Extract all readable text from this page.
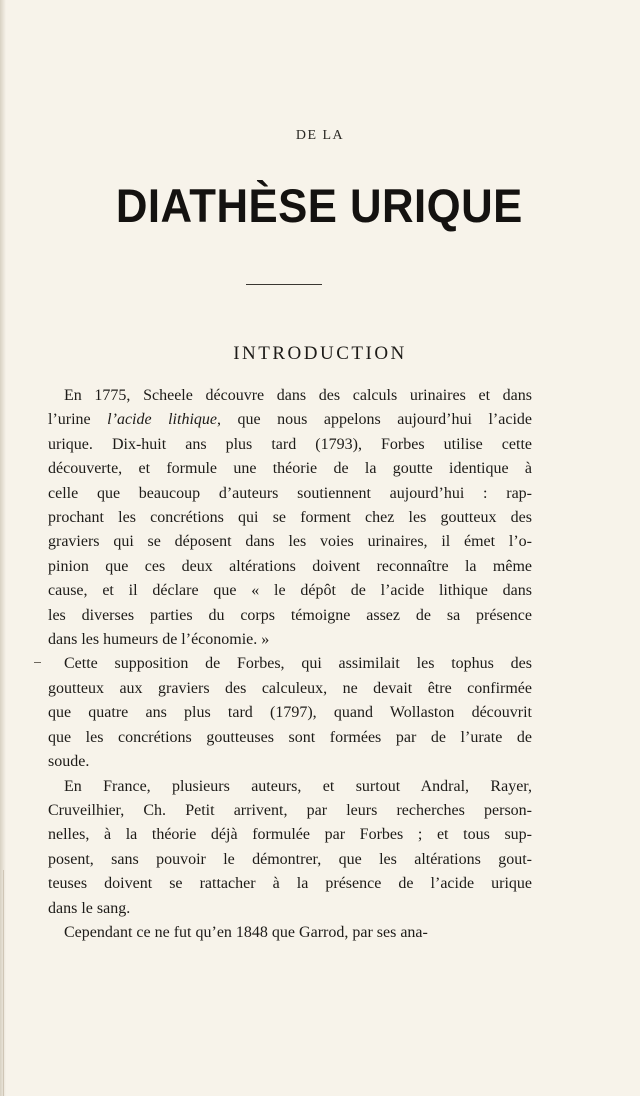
DE LA
DIATHÈSE URIQUE
INTRODUCTION
En 1775, Scheele découvre dans des calculs urinaires et dans
l’urine l’acide lithique, que nous appelons aujourd’hui l’acide
urique. Dix-huit ans plus tard (1793), Forbes utilise cette
découverte, et formule une théorie de la goutte identique à
celle que beaucoup d’auteurs soutiennent aujourd’hui : rap-
prochant les concrétions qui se forment chez les goutteux des
graviers qui se déposent dans les voies urinaires, il émet l’o-
pinion que ces deux altérations doivent reconnaître la même
cause, et il déclare que « le dépôt de l’acide lithique dans
les diverses parties du corps témoigne assez de sa présence
dans les humeurs de l’économie. »
Cette supposition de Forbes, qui assimilait les tophus des
goutteux aux graviers des calculeux, ne devait être confirmée
que quatre ans plus tard (1797), quand Wollaston découvrit
que les concrétions goutteuses sont formées par de l’urate de
soude.
En France, plusieurs auteurs, et surtout Andral, Rayer,
Cruveilhier, Ch. Petit arrivent, par leurs recherches person-
nelles, à la théorie déjà formulée par Forbes ; et tous sup-
posent, sans pouvoir le démontrer, que les altérations gout-
teuses doivent se rattacher à la présence de l’acide urique
dans le sang.
Cependant ce ne fut qu’en 1848 que Garrod, par ses ana-
